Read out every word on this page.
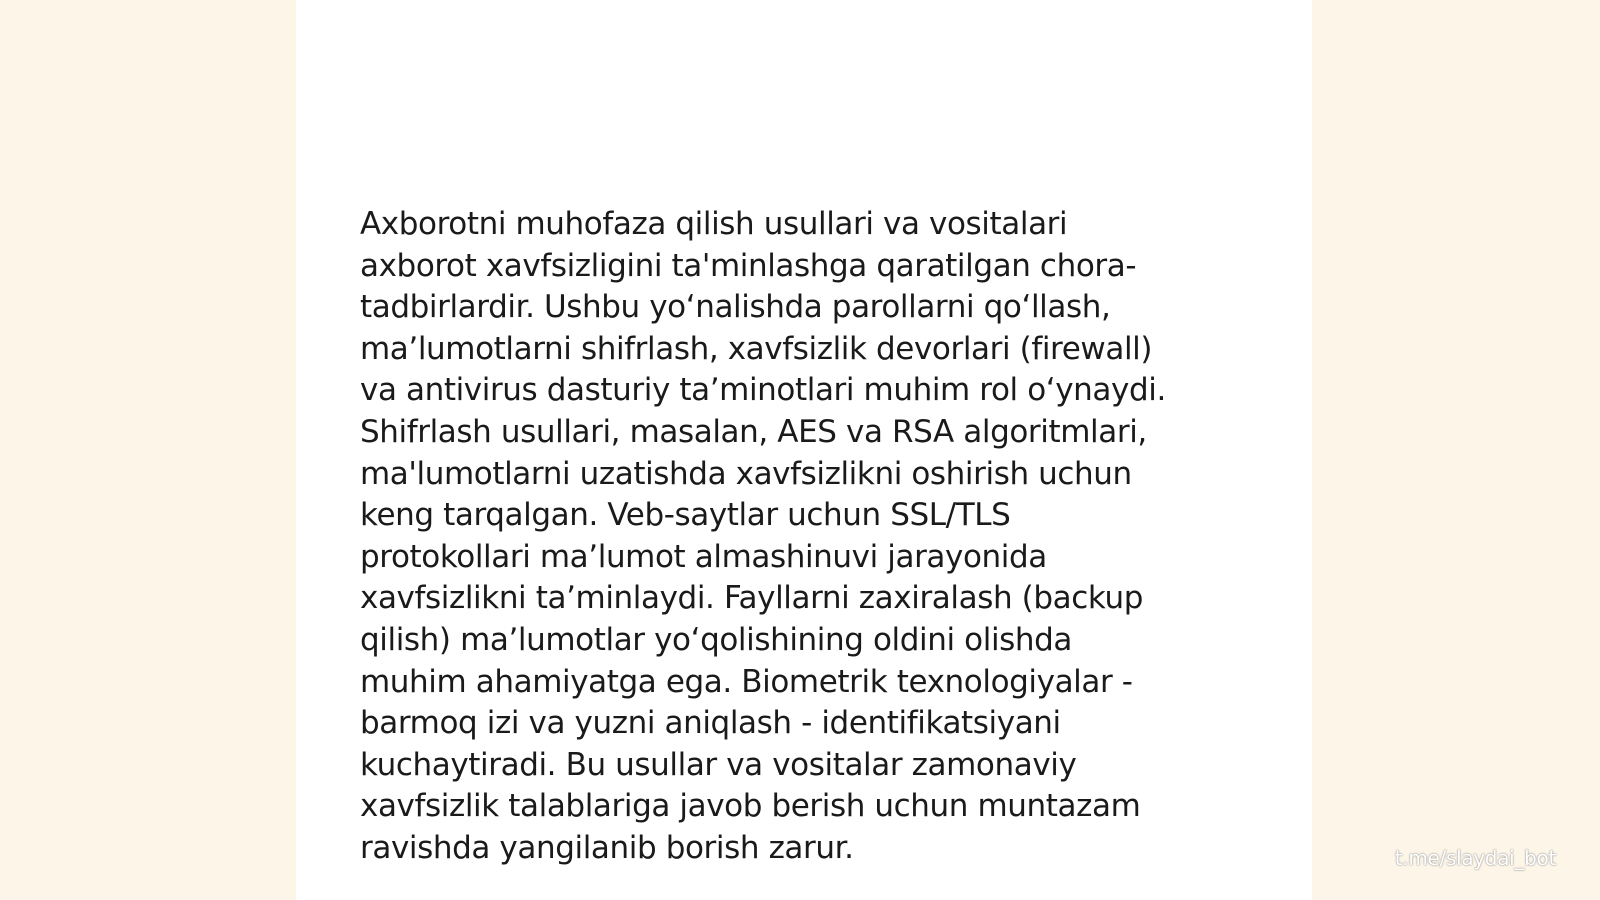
Axborotni muhofaza qilish usullari va vositalari
axborot xavfsizligini ta'minlashga qaratilgan chora-
tadbirlardir. Ushbu yo‘nalishda parollarni qo‘llash,
ma’lumotlarni shifrlash, xavfsizlik devorlari (firewall)
va antivirus dasturiy ta’minotlari muhim rol o‘ynaydi.
Shifrlash usullari, masalan, AES va RSA algoritmlari,
ma'lumotlarni uzatishda xavfsizlikni oshirish uchun
keng tarqalgan. Veb-saytlar uchun SSL/TLS
protokollari ma’lumot almashinuvi jarayonida
xavfsizlikni ta’minlaydi. Fayllarni zaxiralash (backup
qilish) ma’lumotlar yo‘qolishining oldini olishda
muhim ahamiyatga ega. Biometrik texnologiyalar -
barmoq izi va yuzni aniqlash - identifikatsiyani
kuchaytiradi. Bu usullar va vositalar zamonaviy
xavfsizlik talablariga javob berish uchun muntazam
ravishda yangilanib borish zarur.	t.me/slaydai_bot
